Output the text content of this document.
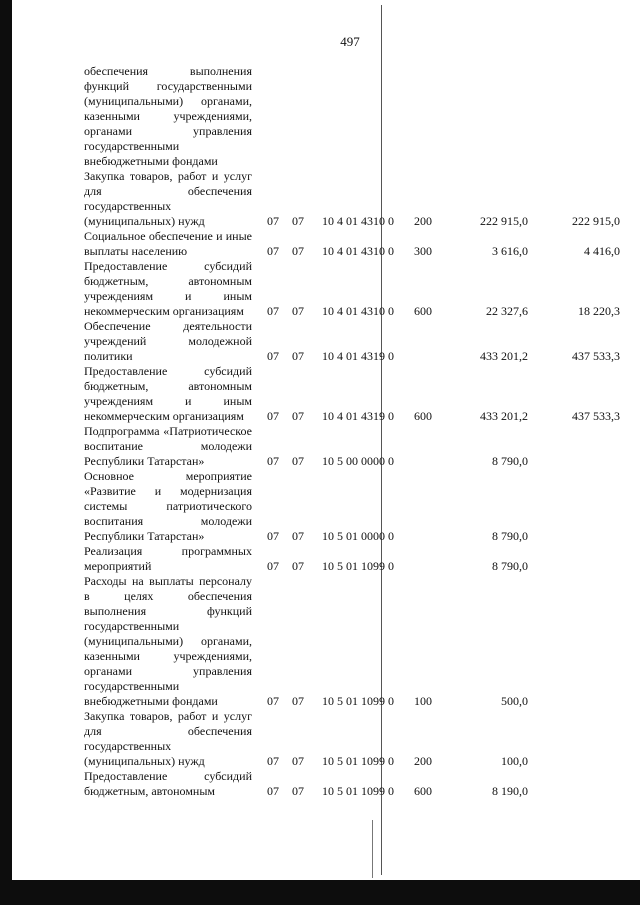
497
обеспечения выполнения функций государственными (муниципальными) органами, казенными учреждениями, органами управления государственными внебюджетными фондами
Закупка товаров, работ и услуг для обеспечения государственных (муниципальных) нужд	07 07 10 4 01 4310 0 200	222 915,0	222 915,0
Социальное обеспечение и иные выплаты населению	07 07 10 4 01 4310 0 300	3 616,0	4 416,0
Предоставление субсидий бюджетным, автономным учреждениям и иным некоммерческим организациям	07 07 10 4 01 4310 0 600	22 327,6	18 220,3
Обеспечение деятельности учреждений молодежной политики	07 07 10 4 01 4319 0	433 201,2	437 533,3
Предоставление субсидий бюджетным, автономным учреждениям и иным некоммерческим организациям	07 07 10 4 01 4319 0 600	433 201,2	437 533,3
Подпрограмма «Патриотическое воспитание молодежи Республики Татарстан»	07 07 10 5 00 0000 0	8 790,0
Основное мероприятие «Развитие и модернизация системы патриотического воспитания молодежи Республики Татарстан»	07 07 10 5 01 0000 0	8 790,0
Реализация программных мероприятий	07 07 10 5 01 1099 0	8 790,0
Расходы на выплаты персоналу в целях обеспечения выполнения функций государственными (муниципальными) органами, казенными учреждениями, органами управления государственными внебюджетными фондами	07 07 10 5 01 1099 0 100	500,0
Закупка товаров, работ и услуг для обеспечения государственных (муниципальных) нужд	07 07 10 5 01 1099 0 200	100,0
Предоставление субсидий бюджетным, автономным	07 07 10 5 01 1099 0 600	8 190,0
